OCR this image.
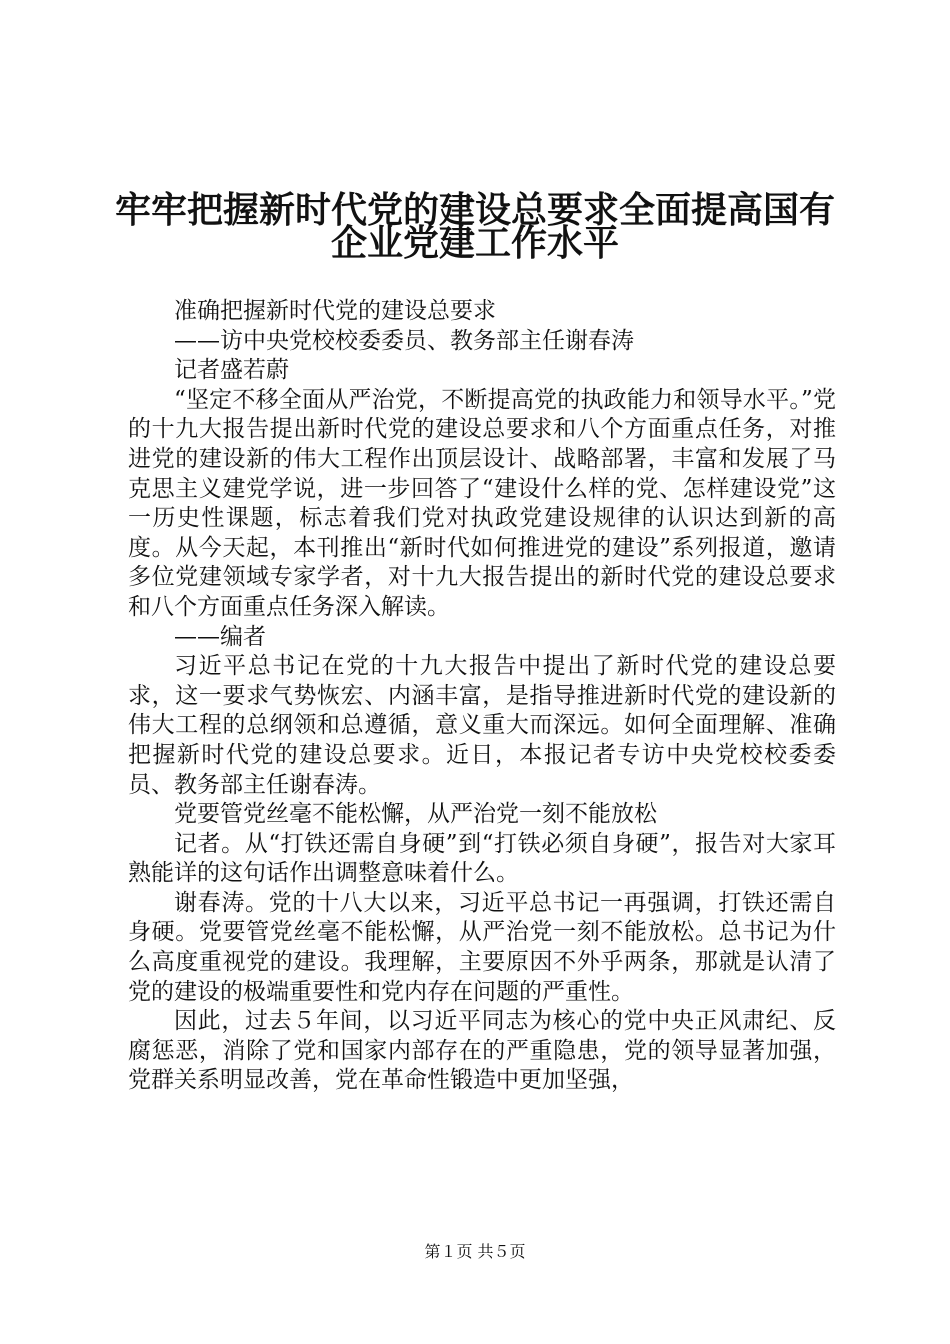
牢牢把握新时代党的建设总要求全面提高国有
企业党建工作水平

准确把握新时代党的建设总要求

——访中央党校校委委员、教务部主任谢春涛

记者盛若蔚

“坚定不移全面从严治党，不断提高党的执政能力和领导水平。”党的十九大报告提出新时代党的建设总要求和八个方面重点任务，对推进党的建设新的伟大工程作出顶层设计、战略部署，丰富和发展了马克思主义建党学说，进一步回答了“建设什么样的党、怎样建设党”这一历史性课题，标志着我们党对执政党建设规律的认识达到新的高度。从今天起，本刊推出“新时代如何推进党的建设”系列报道，邀请多位党建领域专家学者，对十九大报告提出的新时代党的建设总要求和八个方面重点任务深入解读。

——编者

习近平总书记在党的十九大报告中提出了新时代党的建设总要求，这一要求气势恢宏、内涵丰富，是指导推进新时代党的建设新的伟大工程的总纲领和总遵循，意义重大而深远。如何全面理解、准确把握新时代党的建设总要求。近日，本报记者专访中央党校校委委员、教务部主任谢春涛。

党要管党丝毫不能松懈，从严治党一刻不能放松

记者。从“打铁还需自身硬”到“打铁必须自身硬”，报告对大家耳熟能详的这句话作出调整意味着什么。

谢春涛。党的十八大以来，习近平总书记一再强调，打铁还需自身硬。党要管党丝毫不能松懈，从严治党一刻不能放松。总书记为什么高度重视党的建设。我理解，主要原因不外乎两条，那就是认清了党的建设的极端重要性和党内存在问题的严重性。

因此，过去５年间，以习近平同志为核心的党中央正风肃纪、反腐惩恶，消除了党和国家内部存在的严重隐患，党的领导显著加强，党群关系明显改善，党在革命性锻造中更加坚强，

第１页 共５页
